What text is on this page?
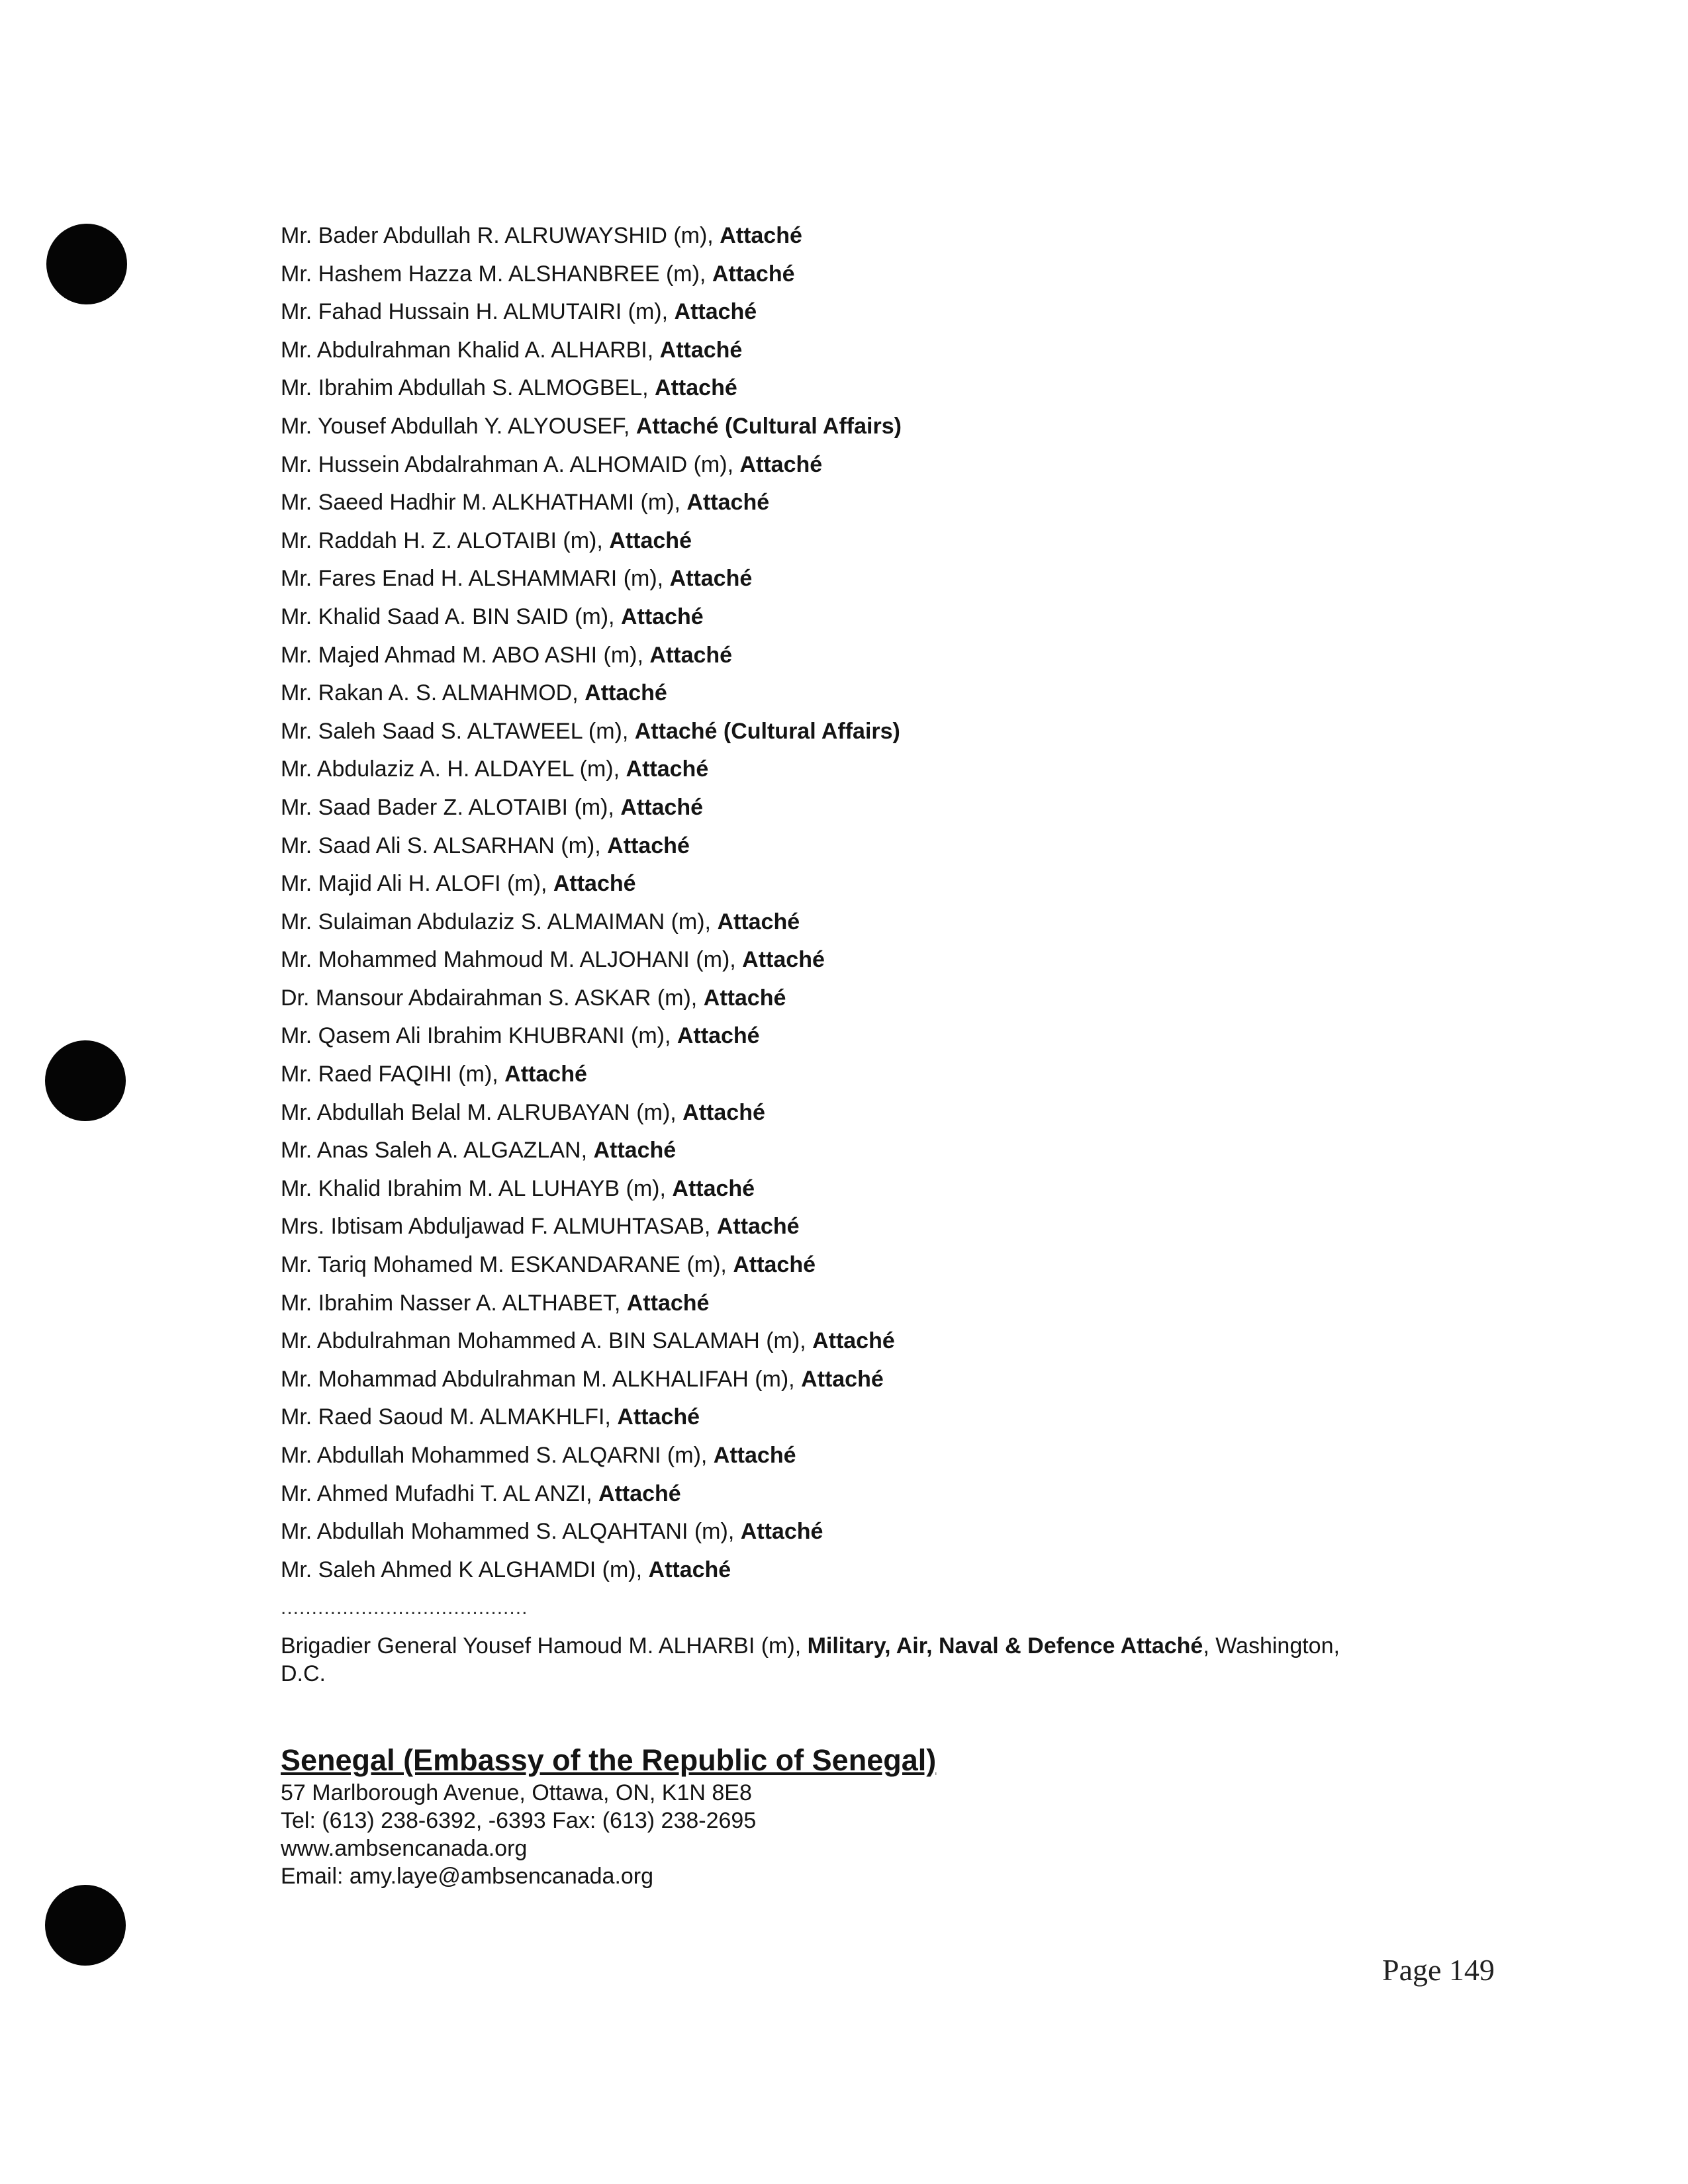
Mr. Bader Abdullah R. ALRUWAYSHID (m), Attaché
Mr. Hashem Hazza M. ALSHANBREE (m), Attaché
Mr. Fahad Hussain H. ALMUTAIRI (m), Attaché
Mr. Abdulrahman Khalid A. ALHARBI, Attaché
Mr. Ibrahim Abdullah S. ALMOGBEL, Attaché
Mr. Yousef Abdullah Y. ALYOUSEF, Attaché (Cultural Affairs)
Mr. Hussein Abdalrahman A. ALHOMAID (m), Attaché
Mr. Saeed Hadhir M. ALKHATHAMI (m), Attaché
Mr. Raddah H. Z. ALOTAIBI (m), Attaché
Mr. Fares Enad H. ALSHAMMARI (m), Attaché
Mr. Khalid Saad A. BIN SAID (m), Attaché
Mr. Majed Ahmad M. ABO ASHI (m), Attaché
Mr. Rakan A. S. ALMAHMOD, Attaché
Mr. Saleh Saad S. ALTAWEEL (m), Attaché (Cultural Affairs)
Mr. Abdulaziz A. H. ALDAYEL (m), Attaché
Mr. Saad Bader Z. ALOTAIBI (m), Attaché
Mr. Saad Ali S. ALSARHAN (m), Attaché
Mr. Majid Ali H. ALOFI (m), Attaché
Mr. Sulaiman Abdulaziz S. ALMAIMAN (m), Attaché
Mr. Mohammed Mahmoud M. ALJOHANI (m), Attaché
Dr. Mansour Abdairahman S. ASKAR (m), Attaché
Mr. Qasem Ali Ibrahim KHUBRANI (m), Attaché
Mr. Raed FAQIHI (m), Attaché
Mr. Abdullah Belal M. ALRUBAYAN (m), Attaché
Mr. Anas Saleh A. ALGAZLAN, Attaché
Mr. Khalid Ibrahim M. AL LUHAYB (m), Attaché
Mrs. Ibtisam Abduljawad F. ALMUHTASAB, Attaché
Mr. Tariq Mohamed M. ESKANDARANE (m), Attaché
Mr. Ibrahim Nasser A. ALTHABET, Attaché
Mr. Abdulrahman Mohammed A. BIN SALAMAH (m), Attaché
Mr. Mohammad Abdulrahman M. ALKHALIFAH (m), Attaché
Mr. Raed Saoud M. ALMAKHLFI, Attaché
Mr. Abdullah Mohammed S. ALQARNI (m), Attaché
Mr. Ahmed Mufadhi T. AL ANZI, Attaché
Mr. Abdullah Mohammed S. ALQAHTANI (m), Attaché
Mr. Saleh Ahmed K ALGHAMDI (m), Attaché
........................................
Brigadier General Yousef Hamoud M. ALHARBI (m), Military, Air, Naval & Defence Attaché, Washington, D.C.
Senegal (Embassy of the Republic of Senegal)
57 Marlborough Avenue, Ottawa, ON, K1N 8E8
Tel: (613) 238-6392, -6393 Fax: (613) 238-2695
www.ambsencanada.org
Email: amy.laye@ambsencanada.org
Page 149
